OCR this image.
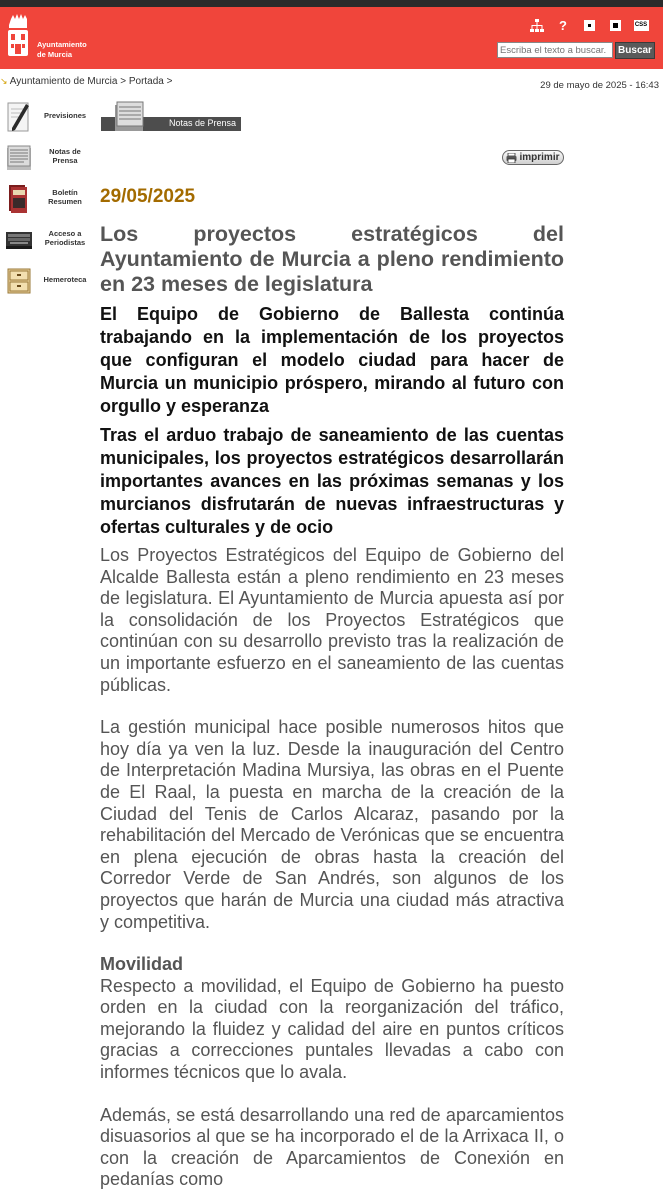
Ayuntamiento
de Murcia
?	CSS
Escriba el texto a buscar.
Buscar
↘ Ayuntamiento de Murcia > Portada >	29 de mayo de 2025 - 16:43
Previsiones
Notas de Prensa
Boletín Resumen
Acceso a Periodistas
Hemeroteca
Notas de Prensa
imprimir
29/05/2025
Los proyectos estratégicos del Ayuntamiento de Murcia a pleno rendimiento en 23 meses de legislatura
El Equipo de Gobierno de Ballesta continúa trabajando en la implementación de los proyectos que configuran el modelo ciudad para hacer de Murcia un municipio próspero, mirando al futuro con orgullo y esperanza
Tras el arduo trabajo de saneamiento de las cuentas municipales, los proyectos estratégicos desarrollarán importantes avances en las próximas semanas y los murcianos disfrutarán de nuevas infraestructuras y ofertas culturales y de ocio
Los Proyectos Estratégicos del Equipo de Gobierno del Alcalde Ballesta están a pleno rendimiento en 23 meses de legislatura. El Ayuntamiento de Murcia apuesta así por la consolidación de los Proyectos Estratégicos que continúan con su desarrollo previsto tras la realización de un importante esfuerzo en el saneamiento de las cuentas públicas.
La gestión municipal hace posible numerosos hitos que hoy día ya ven la luz. Desde la inauguración del Centro de Interpretación Madina Mursiya, las obras en el Puente de El Raal, la puesta en marcha de la creación de la Ciudad del Tenis de Carlos Alcaraz, pasando por la rehabilitación del Mercado de Verónicas que se encuentra en plena ejecución de obras hasta la creación del Corredor Verde de San Andrés, son algunos de los proyectos que harán de Murcia una ciudad más atractiva y competitiva.
Movilidad
Respecto a movilidad, el Equipo de Gobierno ha puesto orden en la ciudad con la reorganización del tráfico, mejorando la fluidez y calidad del aire en puntos críticos gracias a correcciones puntales llevadas a cabo con informes técnicos que lo avala.
Además, se está desarrollando una red de aparcamientos disuasorios al que se ha incorporado el de la Arrixaca II, o con la creación de Aparcamientos de Conexión en pedanías como
